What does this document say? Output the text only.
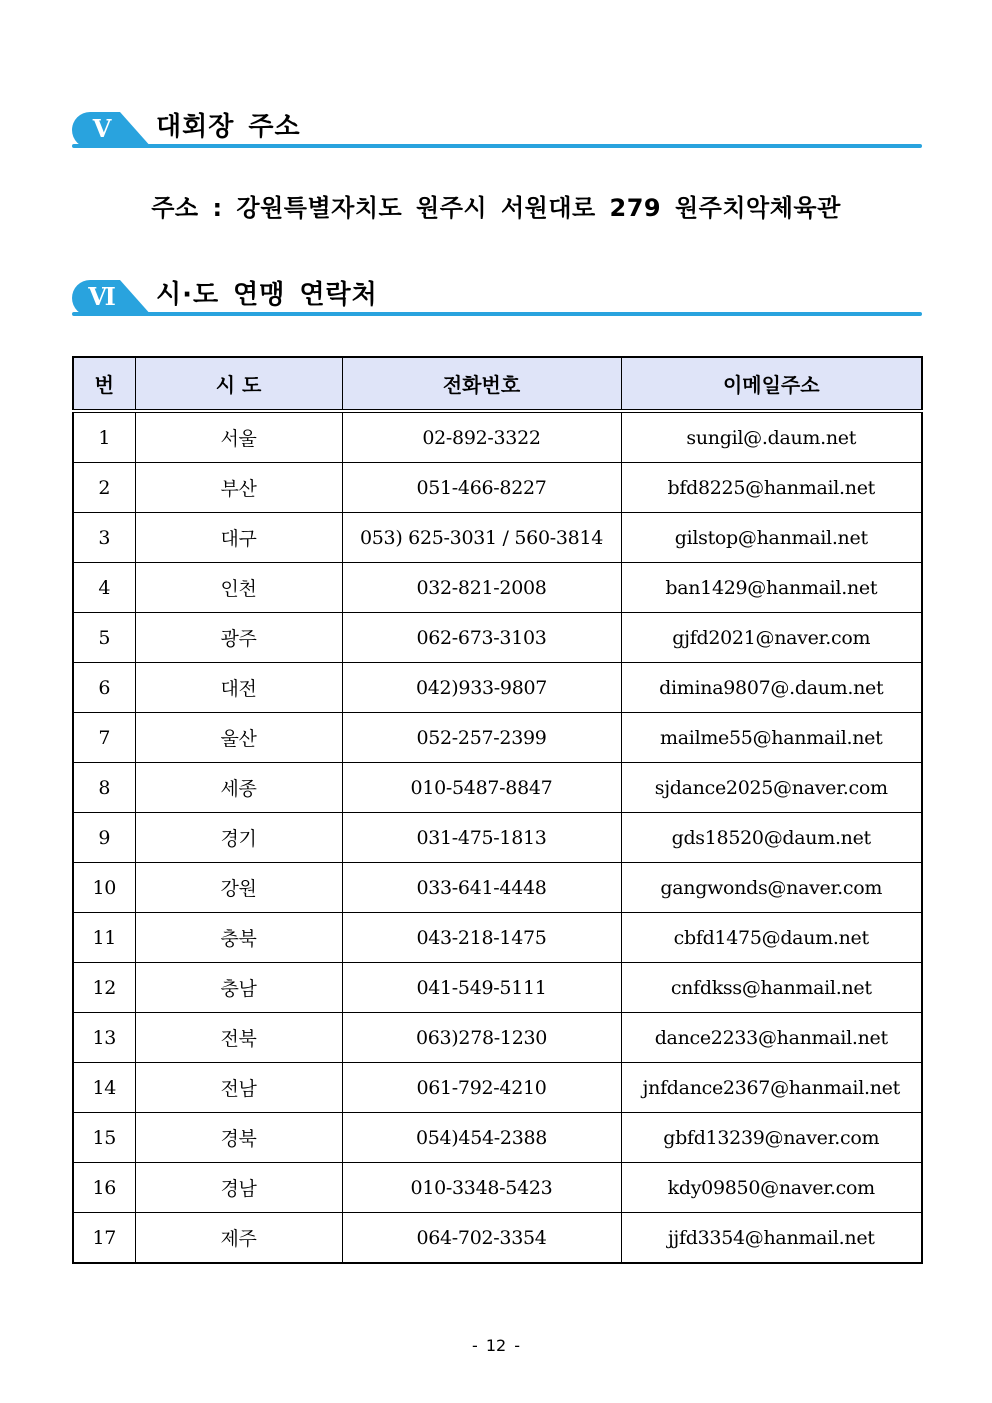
Ⅴ	대회장 주소
주소 : 강원특별자치도 원주시 서원대로 279 원주치악체육관
Ⅵ	시·도 연맹 연락처
번	시 도	전화번호	이메일주소
1	서울	02-892-3322	sungil@.daum.net
2	부산	051-466-8227	bfd8225@hanmail.net
3	대구	053) 625-3031 / 560-3814	gilstop@hanmail.net
4	인천	032-821-2008	ban1429@hanmail.net
5	광주	062-673-3103	gjfd2021@naver.com
6	대전	042)933-9807	dimina9807@.daum.net
7	울산	052-257-2399	mailme55@hanmail.net
8	세종	010-5487-8847	sjdance2025@naver.com
9	경기	031-475-1813	gds18520@daum.net
10	강원	033-641-4448	gangwonds@naver.com
11	충북	043-218-1475	cbfd1475@daum.net
12	충남	041-549-5111	cnfdkss@hanmail.net
13	전북	063)278-1230	dance2233@hanmail.net
14	전남	061-792-4210	jnfdance2367@hanmail.net
15	경북	054)454-2388	gbfd13239@naver.com
16	경남	010-3348-5423	kdy09850@naver.com
17	제주	064-702-3354	jjfd3354@hanmail.net
- 12 -
